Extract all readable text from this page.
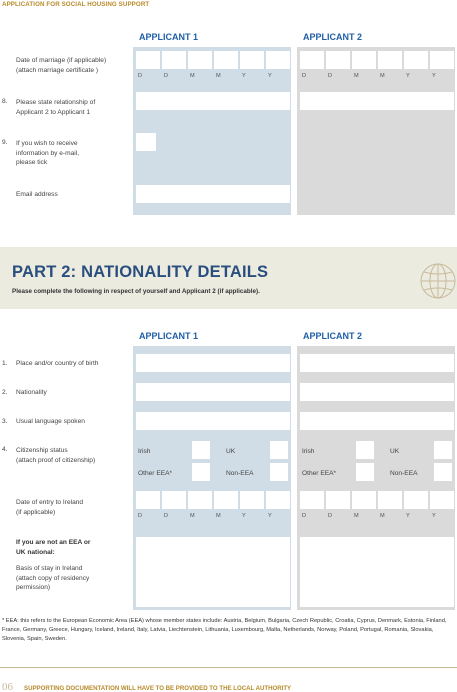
APPLICATION FOR SOCIAL HOUSING SUPPORT
APPLICANT 1	APPLICANT 2
Date of marriage (if applicable)
(attach marriage certificate )
D	D	M	M	Y	Y	D	D	M	M	Y	Y
8. Please state relationship of
Applicant 2 to Applicant 1
9. If you wish to receive
information by e-mail,
please tick
Email address
PART 2: NATIONALITY DETAILS
Please complete the following in respect of yourself and Applicant 2 (if applicable).
APPLICANT 1	APPLICANT 2
1. Place and/or country of birth
2. Nationality
3. Usual language spoken
4. Citizenship status
(attach proof of citizenship)
Irish	UK
Other EEA*	Non-EEA
Irish	UK
Other EEA*	Non-EEA
Date of entry to Ireland
(if applicable)
D	D	M	M	Y	Y	D	D	M	M	Y	Y
If you are not an EEA or
UK national:
Basis of stay in Ireland
(attach copy of residency
permission)
* EEA: this refers to the European Economic Area (EEA) whose member states include: Austria, Belgium, Bulgaria, Czech Republic, Croatia, Cyprus, Denmark, Estonia, Finland, France, Germany, Greece, Hungary, Iceland, Ireland, Italy, Latvia, Liechtenstein, Lithuania, Luxembourg, Malta, Netherlands, Norway, Poland, Portugal, Romania, Slovakia, Slovenia, Spain, Sweden.
06 SUPPORTING DOCUMENTATION WILL HAVE TO BE PROVIDED TO THE LOCAL AUTHORITY
